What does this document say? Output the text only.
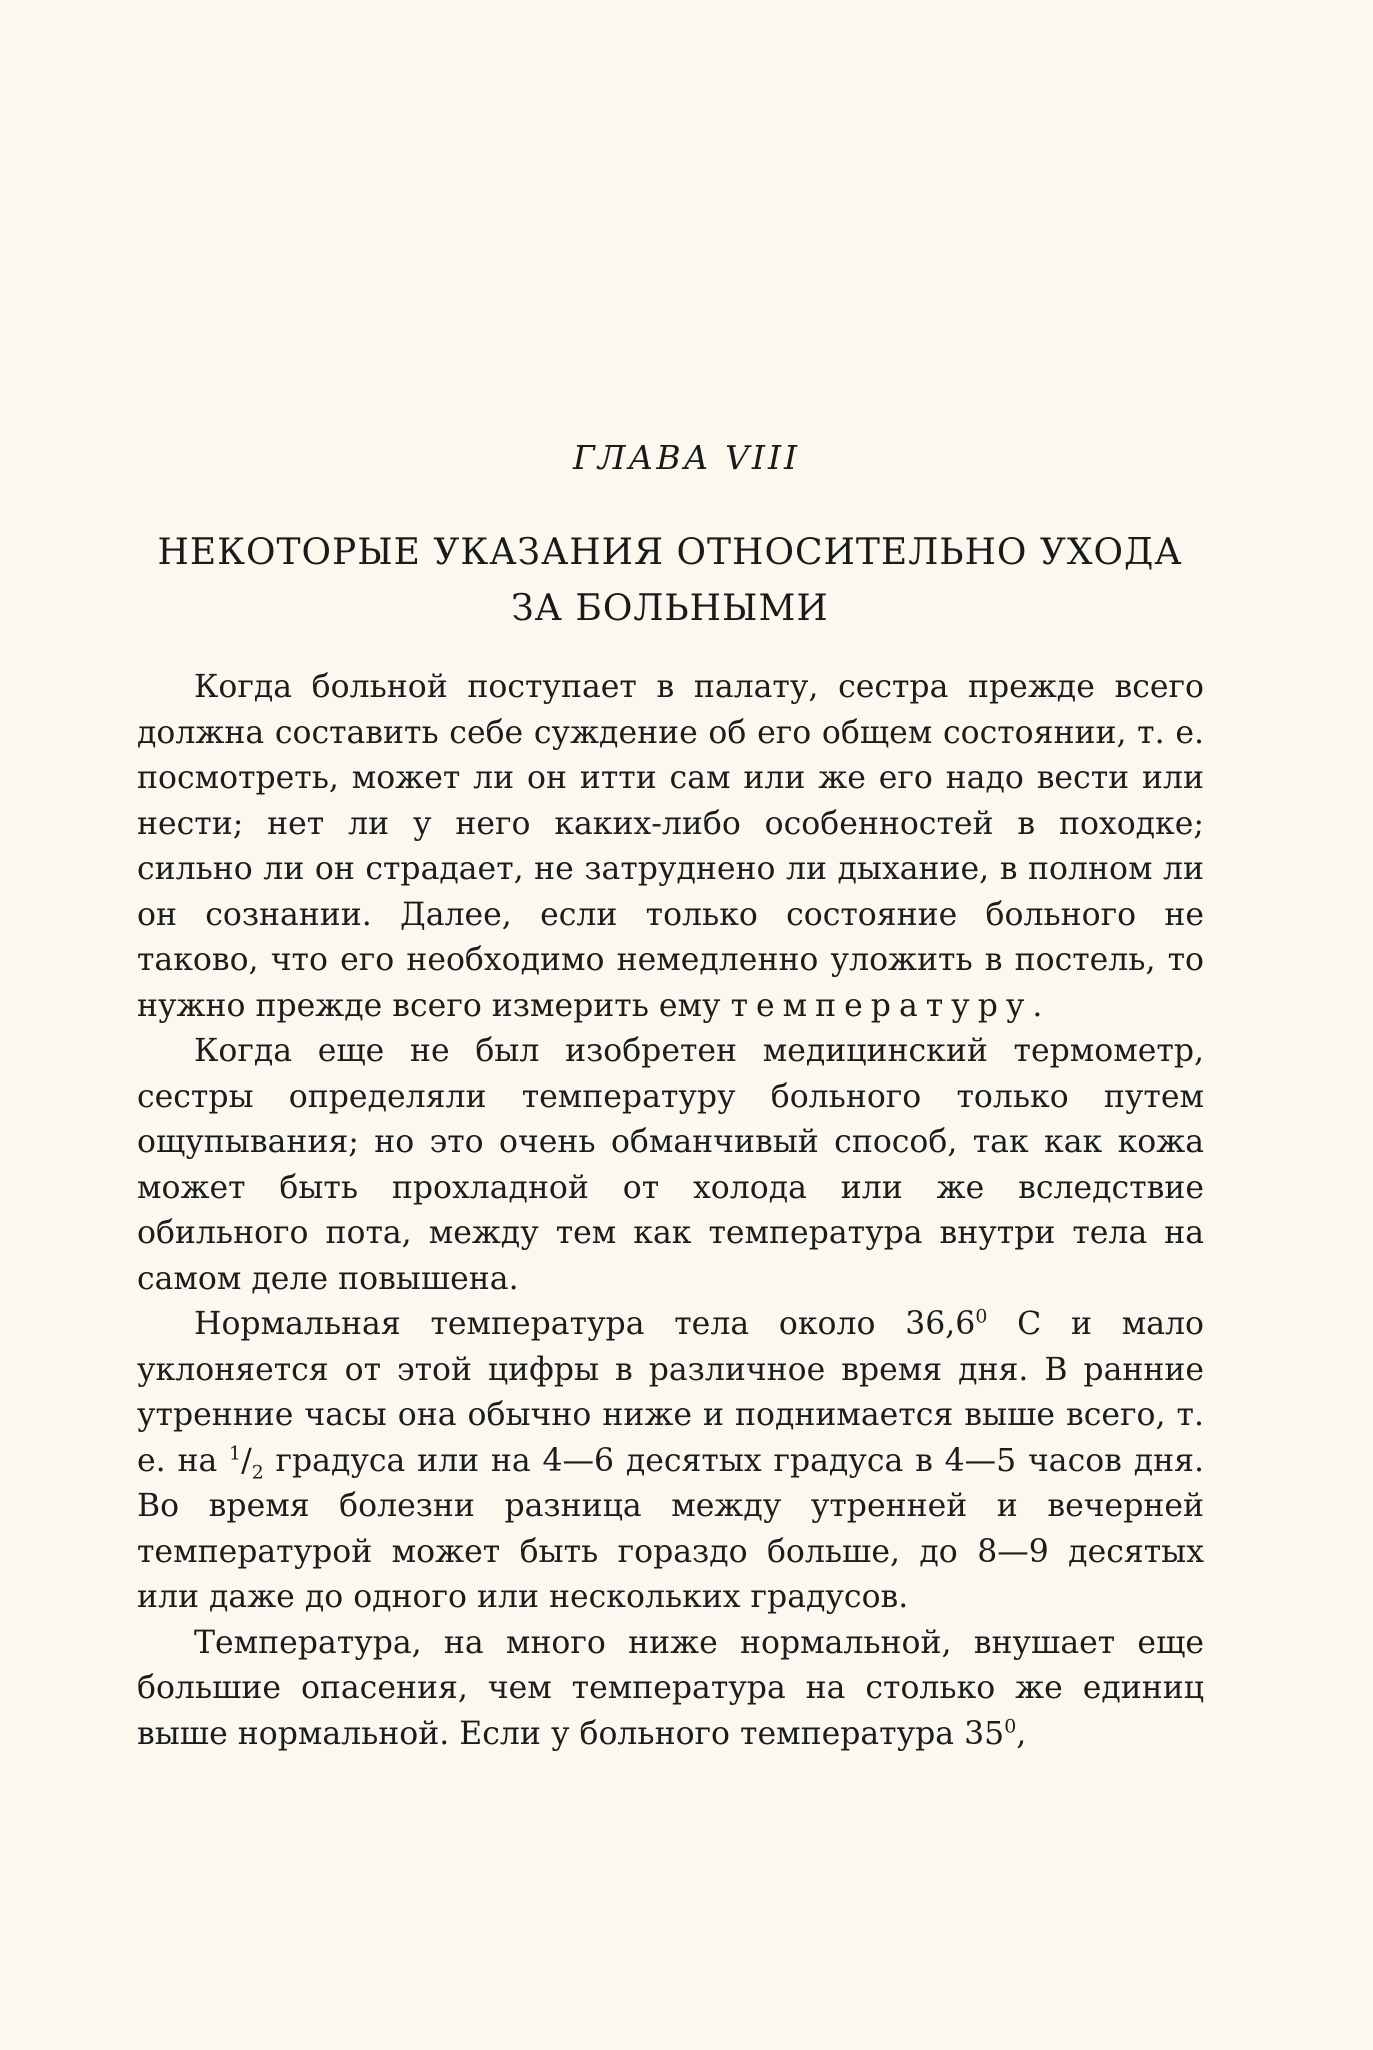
ГЛАВА VIII
НЕКОТОРЫЕ УКАЗАНИЯ ОТНОСИТЕЛЬНО УХОДА
ЗА БОЛЬНЫМИ

Когда больной поступает в палату, сестра прежде всего должна составить себе суждение об его общем состоянии, т. е. посмотреть, может ли он итти сам или же его надо вести или нести; нет ли у него каких-либо особенностей в походке; сильно ли он страдает, не затруднено ли дыхание, в полном ли он сознании. Далее, если только состояние больного не таково, что его необходимо немедленно уложить в постель, то нужно прежде всего измерить ему температуру.

Когда еще не был изобретен медицинский термометр, сестры определяли температуру больного только путем ощупывания; но это очень обманчивый способ, так как кожа может быть прохладной от холода или же вследствие обильного пота, между тем как температура внутри тела на самом деле повышена.

Нормальная температура тела около 36,6$^0$ С и мало уклоняется от этой цифры в различное время дня. В ранние утренние часы она обычно ниже и поднимается выше всего, т. е. на $^1/_2$ градуса или на 4—6 десятых градуса в 4—5 часов дня. Во время болезни разница между утренней и вечерней температурой может быть гораздо больше, до 8—9 десятых или даже до одного или нескольких градусов.

Температура, на много ниже нормальной, внушает еще большие опасения, чем температура на столько же единиц выше нормальной. Если у больного температура $35^0$,
